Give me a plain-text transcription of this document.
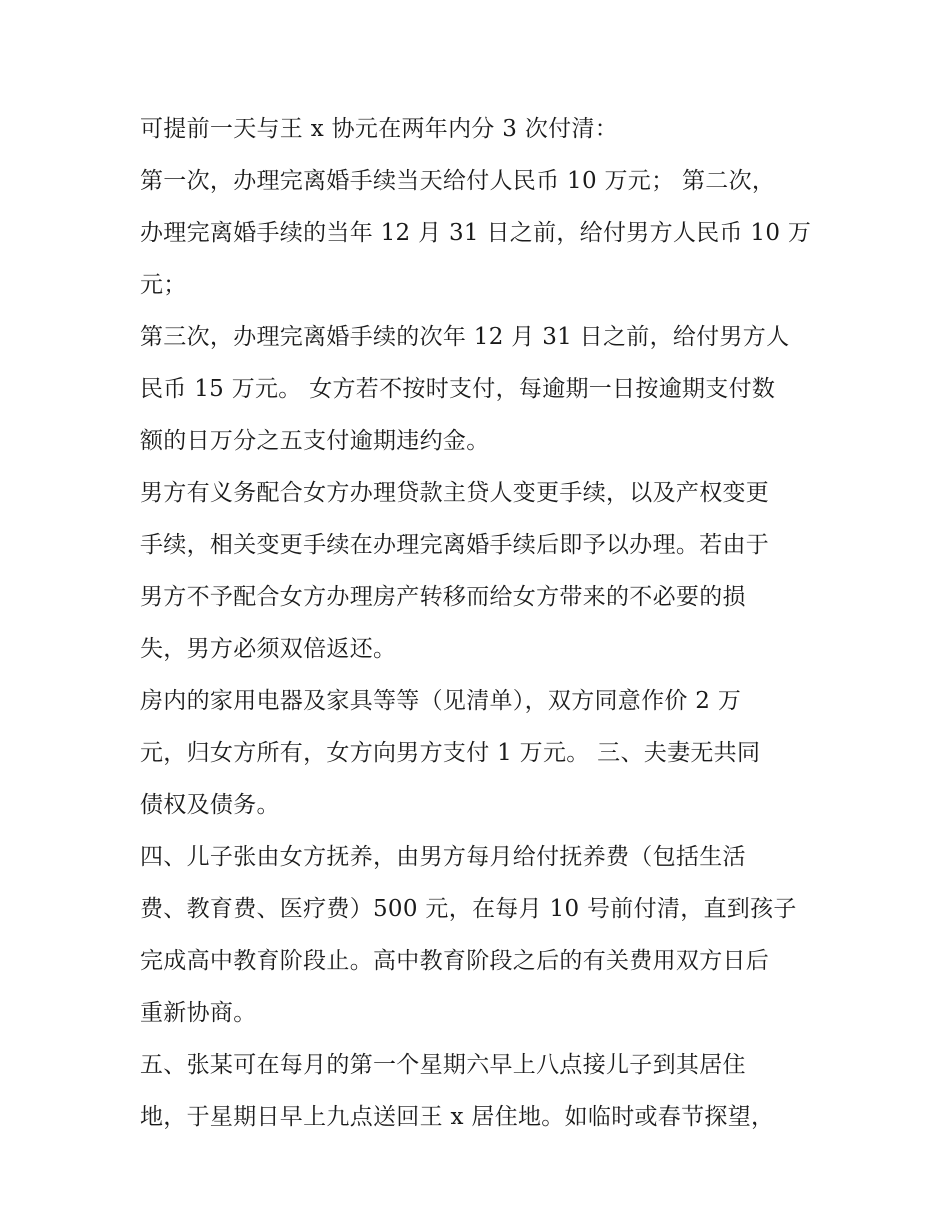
可提前一天与王 x 协元在两年内分 3 次付清：

第一次，办理完离婚手续当天给付人民币 10 万元； 第二次，

办理完离婚手续的当年 12 月 31 日之前，给付男方人民币 10 万

元；

第三次，办理完离婚手续的次年 12 月 31 日之前，给付男方人

民币 15 万元。 女方若不按时支付，每逾期一日按逾期支付数

额的日万分之五支付逾期违约金。

男方有义务配合女方办理贷款主贷人变更手续，以及产权变更

手续，相关变更手续在办理完离婚手续后即予以办理。若由于

男方不予配合女方办理房产转移而给女方带来的不必要的损

失，男方必须双倍返还。

房内的家用电器及家具等等（见清单），双方同意作价 2 万

元，归女方所有，女方向男方支付 1 万元。 三、夫妻无共同

债权及债务。

四、儿子张由女方抚养，由男方每月给付抚养费（包括生活

费、教育费、医疗费）500 元，在每月 10 号前付清，直到孩子

完成高中教育阶段止。高中教育阶段之后的有关费用双方日后

重新协商。

五、张某可在每月的第一个星期六早上八点接儿子到其居住

地，于星期日早上九点送回王 x 居住地。如临时或春节探望，
